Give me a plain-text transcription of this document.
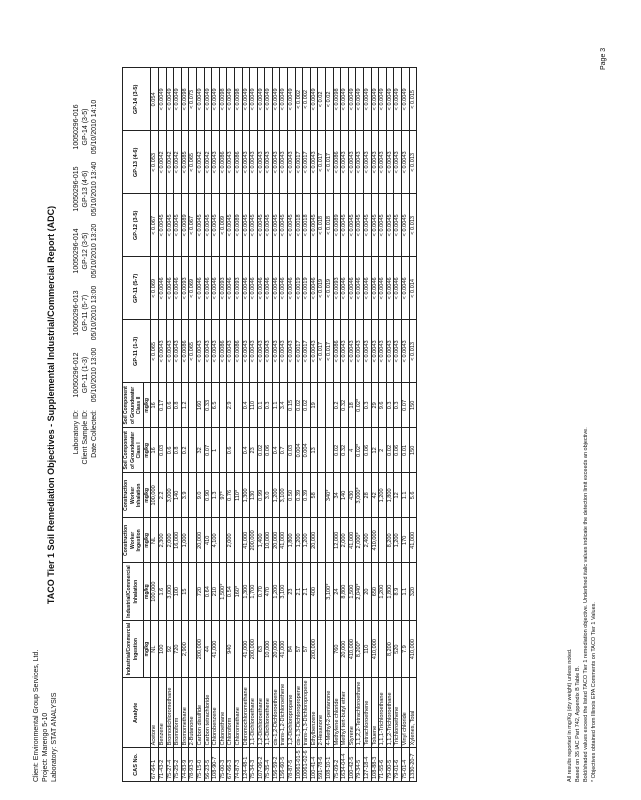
Client: Environmental Group Services, Ltd.
Project: Marengo 5-10
Laboratory: STAT ANALYSIS
TACO Tier 1 Soil Remediation Objectives - Supplemental Industrial/Commercial Report (ADC) Laboratory ID:
10050296-012
10050296-013
10050296-014
10050296-015
10050296-016
Client Sample ID:
GP-11 (1-3)
GP-11 (5-7)
GP-12 (3-5)
GP-13 (4-6)
GP-14 (3-5)
Date Collected:
05/10/2010 13:00
05/10/2010 13:00
05/10/2010 13:20
05/10/2010 13:40
05/10/2010 14:10
CAS No.	Analyte	Industrial/Commercial Ingestion	Industrial/Commercial Inhalation	Construction Worker Ingestion	Construction Worker Inhalation	Soil Component of Groundwater Class I	Soil Component of Groundwater Class II	GP-11 (1-3)	GP-11 (5-7)	GP-12 (3-5)	GP-13 (4-6)	GP-14 (3-5)
		mg/kg	mg/kg	mg/kg	mg/kg	mg/kg	mg/kg					
67-64-1	Acetone	NL	100,000	NL	100,000	16	16	< 0.065	< 0.069	< 0.067	< 0.053	0.054
71-43-2	Benzene	100	1.6	2,300	2.2	0.03	0.17	< 0.0043	< 0.0046	< 0.0045	< 0.0042	< 0.0049
75-27-4	Bromodichloromethane	92	3,000	2,000	3,000	0.6	0.6	< 0.0043	< 0.0046	< 0.0045	< 0.0042	< 0.0049
75-25-2	Bromoform	720	100	16,000	140	0.8	0.8	< 0.0043	< 0.0046	< 0.0045	< 0.0042	< 0.0049
74-83-9	Bromomethane	2,900	15	1,000	3.9	0.2	1.2	< 0.0086	< 0.0093	< 0.0089	< 0.0085	< 0.0098
78-93-3	2-Butanone							< 0.065	< 0.069	< 0.067	< 0.065	< 0.073
75-15-0	Carbon disulfide	200,000	720	20,000	9.0	32	160	< 0.0043	< 0.0046	< 0.0045	< 0.0042	< 0.0049
56-23-5	Carbon tetrachloride	44	0.64	410	0.90	0.07	0.33	< 0.0043	< 0.0046	< 0.0045	< 0.0042	< 0.0049
108-90-7	Chlorobenzene	41,000	210	4,100	1.3	1	6.5	< 0.0043	< 0.0046	< 0.0045	< 0.0043	< 0.0049
75-00-3	Chloroethane		1,500*		97*			< 0.0086	< 0.0093	< 0.009	< 0.0086	< 0.0098
67-66-3	Chloroform	940	0.54	2,000	0.76	0.6	2.9	< 0.0043	< 0.0046	< 0.0045	< 0.0043	< 0.0049
74-87-3	Chloromethane		160*		110*			< 0.0086	< 0.0093	< 0.0089	< 0.0086	< 0.0098
124-48-1	Dibromochloromethane	41,000	1,300	41,000	1,300	0.4	0.4	< 0.0043	< 0.0046	< 0.0045	< 0.0043	< 0.0049
75-34-3	1,1-Dichloroethane	200,000	1,700	200,000	130	23	110	< 0.0043	< 0.0046	< 0.0045	< 0.0043	< 0.0049
107-06-2	1,2-Dichloroethane	63	0.70	1,400	0.99	0.02	0.1	< 0.0043	< 0.0046	< 0.0045	< 0.0043	< 0.0049
75-35-4	1,1-Dichloroethene	10,000	470	10,000	3.0	0.06	0.3	< 0.0043	< 0.0046	< 0.0045	< 0.0043	< 0.0049
156-59-2	cis-1,2-Dichloroethene	20,000	1,200	20,000	1,200	0.4	1.1	< 0.0043	< 0.0046	< 0.0045	< 0.0043	< 0.0049
156-60-5	trans-1,2-Dichloroethene	41,000	3,100	41,000	3,100	0.7	3.4	< 0.0043	< 0.0046	< 0.0045	< 0.0043	< 0.0049
78-87-5	1,2-Dichloropropane	84	23	1,800	0.50	0.03	0.15	< 0.0043	< 0.0046	< 0.0045	< 0.0043	< 0.0049
10061-01-5	cis-1,3-Dichloropropene	57	2.1	1,200	0.39	0.004	0.02	< 0.0017	< 0.0019	< 0.0018	< 0.0017	< 0.002
10061-02-6	trans-1,3-Dichloropropene	57	2.1	1,200	0.39	0.004	0.02	< 0.0017	< 0.0019	< 0.0018	< 0.0017	< 0.002
100-41-4	Ethylbenzene	200,000	400	20,000	58	13	19	< 0.0043	< 0.0046	< 0.0045	< 0.0043	< 0.0049
591-78-6	2-Hexanone							< 0.017	< 0.019	< 0.018	< 0.017	< 0.02
108-10-1	4-Methyl-2-pentanone		3,100*		340*			< 0.017	< 0.019	< 0.018	< 0.017	< 0.02
75-09-2	Methylene chloride	760	24	12,000	34	0.02	0.2	< 0.0086	< 0.0093	< 0.0089	< 0.0086	< 0.0098
1634-04-4	Methyl tert-butyl ether	20,000	8,800	2,000	140	0.32	0.32	< 0.0043	< 0.0046	< 0.0045	< 0.0043	< 0.0049
100-42-5	Styrene	410,000	1,500	41,000	430	4	18	< 0.0043	< 0.0046	< 0.0045	< 0.0043	< 0.0049
79-34-5	1,1,2,2-Tetrachloroethane	8,200*	2,040*	2,000*	3,000*	0.02*	0.02*	< 0.0043	< 0.0046	< 0.0045	< 0.0043	< 0.0049
127-18-4	Tetrachloroethene	110	20	2,400	28	0.06	0.3	< 0.0043	< 0.0046	< 0.0045	< 0.0043	< 0.0049
108-88-3	Toluene	410,000	650	410,000	42	12	29	< 0.0043	< 0.0046	< 0.0045	< 0.0043	< 0.0049
71-55-6	1,1,1-Trichloroethane		1,200		1,200	2	9.6	< 0.0043	< 0.0046	< 0.0045	< 0.0043	< 0.0049
79-00-5	1,1,2-Trichloroethane	8,200	1,800	8,200	1,800	0.02	0.3	< 0.0043	< 0.0046	< 0.0045	< 0.0043	< 0.0049
79-01-6	Trichloroethene	520	8.9	1,200	12	0.06	0.3	< 0.0043	< 0.0046	< 0.0045	< 0.0043	< 0.0049
75-01-4	Vinyl chloride	7.9	1.1	170	1.1	0.01	0.07	< 0.0043	< 0.0046	< 0.0045	< 0.0043	< 0.0049
1330-20-7	Xylenes, Total	410,000	320	41,000	5.6	150	150	< 0.013	< 0.014	< 0.013	< 0.013	< 0.015
All results reported in mg/Kg (dry weight) unless noted. Based on 35 IAC Part 742, Appendix B Table B. Bold/shaded values exceed the listed TACO Tier 1 remediation objective. Underlined italic values indicate the detection limit exceeds an objective. * Objectives obtained from Illinois EPA Comments on TACO Tier 1 Values.
Page 3
